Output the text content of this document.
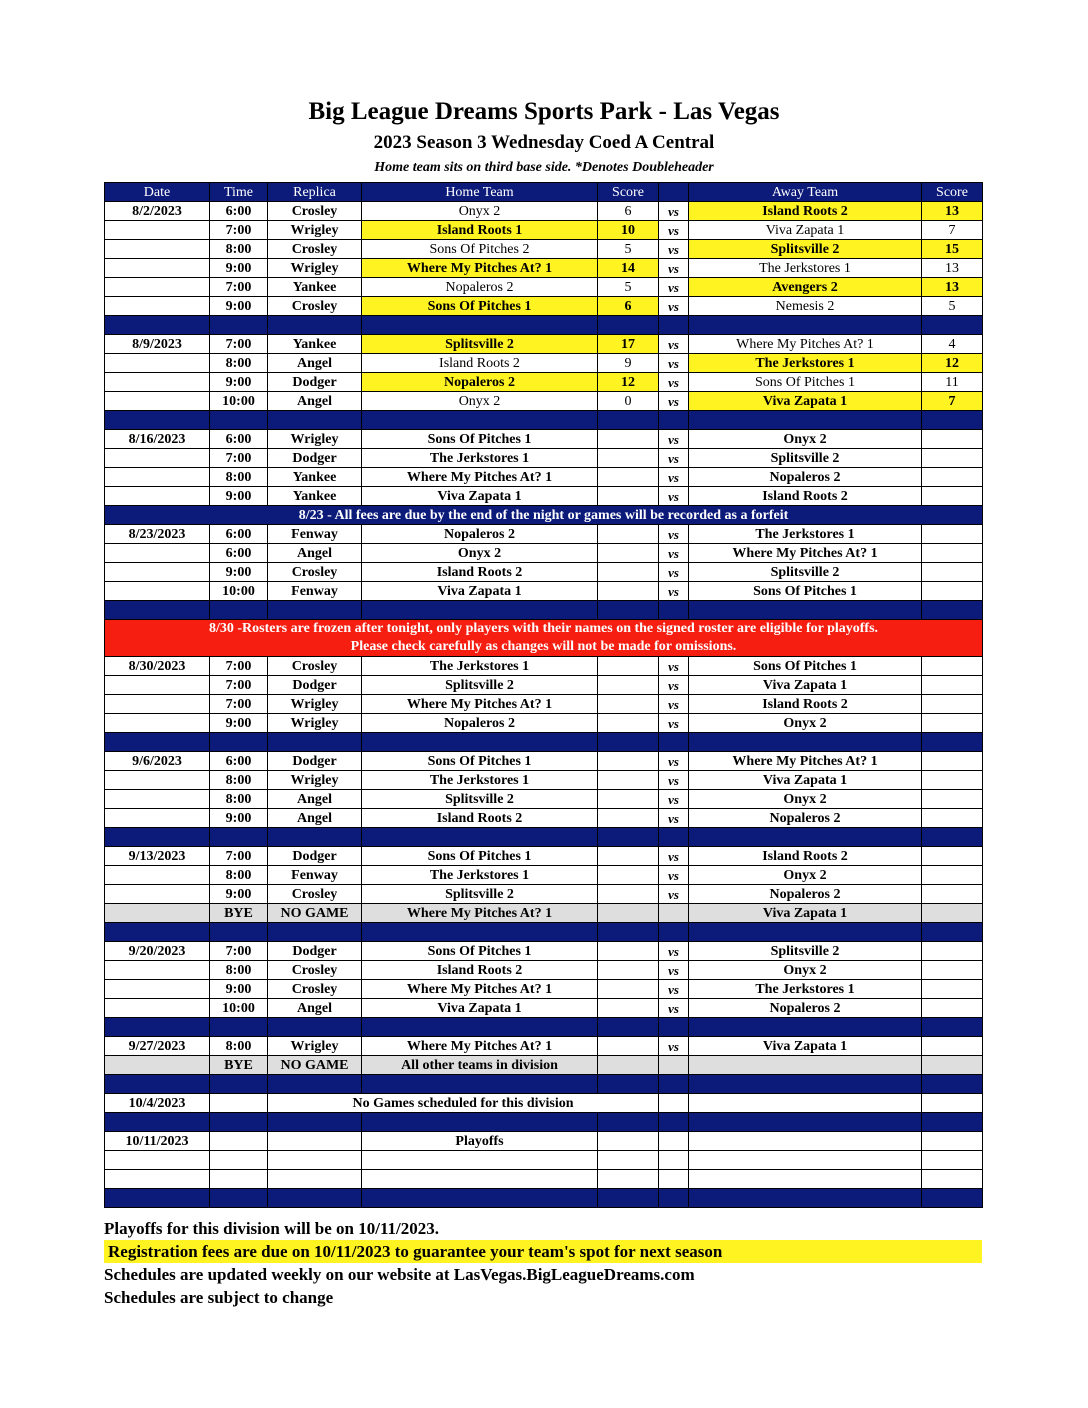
Big League Dreams Sports Park - Las Vegas
2023 Season 3 Wednesday Coed A Central
Home team sits on third base side. *Denotes Doubleheader
Date	Time	Replica	Home Team	Score		Away Team	Score
8/2/2023	6:00	Crosley	Onyx 2	6	vs	Island Roots 2	13
	7:00	Wrigley	Island Roots 1	10	vs	Viva Zapata 1	7
	8:00	Crosley	Sons Of Pitches 2	5	vs	Splitsville 2	15
	9:00	Wrigley	Where My Pitches At? 1	14	vs	The Jerkstores 1	13
	7:00	Yankee	Nopaleros 2	5	vs	Avengers 2	13
	9:00	Crosley	Sons Of Pitches 1	6	vs	Nemesis 2	5

8/9/2023	7:00	Yankee	Splitsville 2	17	vs	Where My Pitches At? 1	4
	8:00	Angel	Island Roots 2	9	vs	The Jerkstores 1	12
	9:00	Dodger	Nopaleros 2	12	vs	Sons Of Pitches 1	11
	10:00	Angel	Onyx 2	0	vs	Viva Zapata 1	7

8/16/2023	6:00	Wrigley	Sons Of Pitches 1		vs	Onyx 2	
	7:00	Dodger	The Jerkstores 1		vs	Splitsville 2	
	8:00	Yankee	Where My Pitches At? 1		vs	Nopaleros 2	
	9:00	Yankee	Viva Zapata 1		vs	Island Roots 2	
8/23 - All fees are due by the end of the night or games will be recorded as a forfeit							
8/23/2023	6:00	Fenway	Nopaleros 2		vs	The Jerkstores 1	
	6:00	Angel	Onyx 2		vs	Where My Pitches At? 1	
	9:00	Crosley	Island Roots 2		vs	Splitsville 2	
	10:00	Fenway	Viva Zapata 1		vs	Sons Of Pitches 1	

8/30 -Rosters are frozen after tonight, only players with their names on the signed roster are eligible for playoffs.
Please check carefully as changes will not be made for omissions.							

8/30/2023	7:00	Crosley	The Jerkstores 1		vs	Sons Of Pitches 1	
	7:00	Dodger	Splitsville 2		vs	Viva Zapata 1	
	7:00	Wrigley	Where My Pitches At? 1		vs	Island Roots 2	
	9:00	Wrigley	Nopaleros 2		vs	Onyx 2	

9/6/2023	6:00	Dodger	Sons Of Pitches 1		vs	Where My Pitches At? 1	
	8:00	Wrigley	The Jerkstores 1		vs	Viva Zapata 1	
	8:00	Angel	Splitsville 2		vs	Onyx 2	
	9:00	Angel	Island Roots 2		vs	Nopaleros 2	

9/13/2023	7:00	Dodger	Sons Of Pitches 1		vs	Island Roots 2	
	8:00	Fenway	The Jerkstores 1		vs	Onyx 2	
	9:00	Crosley	Splitsville 2		vs	Nopaleros 2	
	BYE	NO GAME	Where My Pitches At? 1			Viva Zapata 1	

9/20/2023	7:00	Dodger	Sons Of Pitches 1		vs	Splitsville 2	
	8:00	Crosley	Island Roots 2		vs	Onyx 2	
	9:00	Crosley	Where My Pitches At? 1		vs	The Jerkstores 1	
	10:00	Angel	Viva Zapata 1		vs	Nopaleros 2	

9/27/2023	8:00	Wrigley	Where My Pitches At? 1		vs	Viva Zapata 1	
	BYE	NO GAME	All other teams in division				

10/4/2023		No Games scheduled for this division					

10/11/2023			Playoffs				

Playoffs for this division will be on 10/11/2023.
Registration fees are due on 10/11/2023 to guarantee your team's spot for next season
Schedules are updated weekly on our website at LasVegas.BigLeagueDreams.com
Schedules are subject to change
